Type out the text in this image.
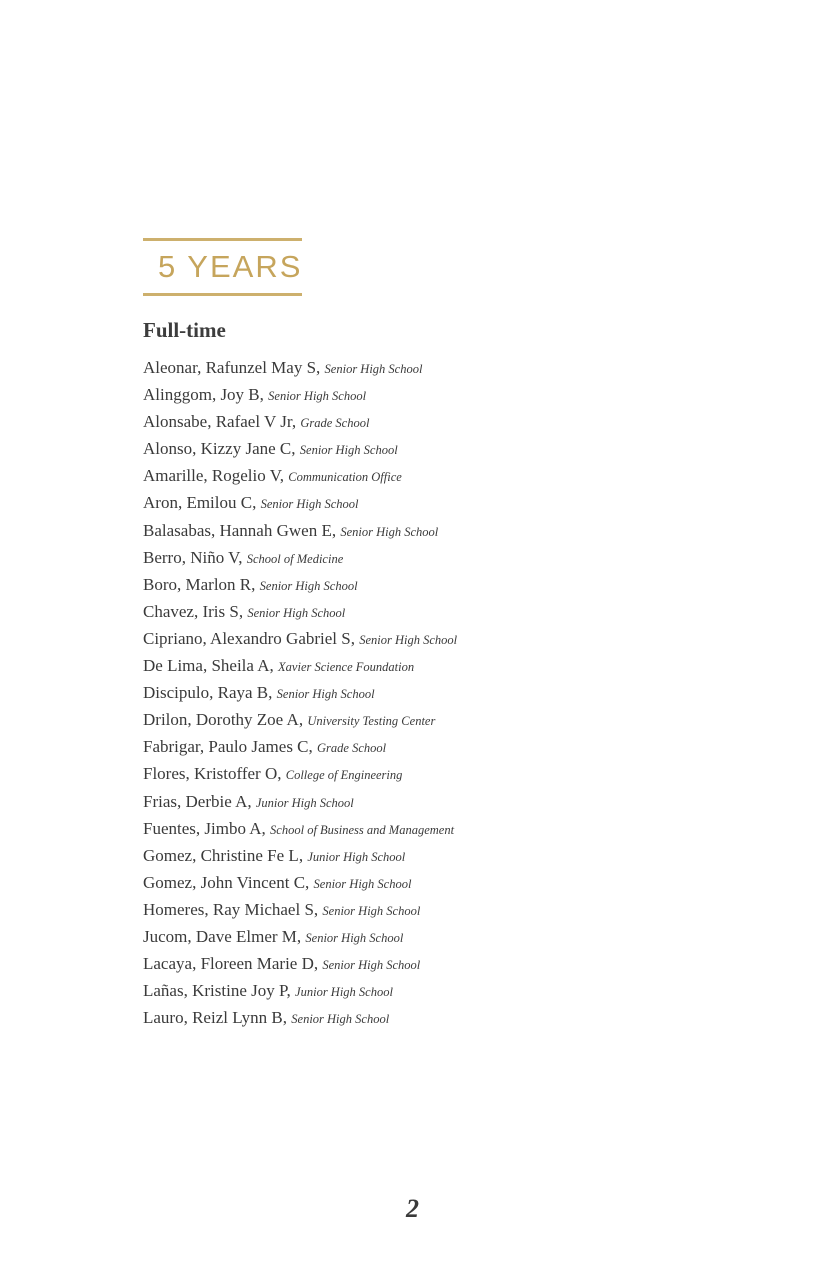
5 YEARS
Full-time
Aleonar, Rafunzel May S, Senior High School
Alinggom, Joy B, Senior High School
Alonsabe, Rafael V Jr, Grade School
Alonso, Kizzy Jane C, Senior High School
Amarille, Rogelio V, Communication Office
Aron, Emilou C, Senior High School
Balasabas, Hannah Gwen E, Senior High School
Berro, Niño V, School of Medicine
Boro, Marlon R, Senior High School
Chavez, Iris S, Senior High School
Cipriano, Alexandro Gabriel S, Senior High School
De Lima, Sheila A, Xavier Science Foundation
Discipulo, Raya B, Senior High School
Drilon, Dorothy Zoe A, University Testing Center
Fabrigar, Paulo James C, Grade School
Flores, Kristoffer O, College of Engineering
Frias, Derbie A, Junior High School
Fuentes, Jimbo A, School of Business and Management
Gomez, Christine Fe L, Junior High School
Gomez, John Vincent C, Senior High School
Homeres, Ray Michael S, Senior High School
Jucom, Dave Elmer M, Senior High School
Lacaya, Floreen Marie D, Senior High School
Lañas, Kristine Joy P, Junior High School
Lauro, Reizl Lynn B, Senior High School
2
